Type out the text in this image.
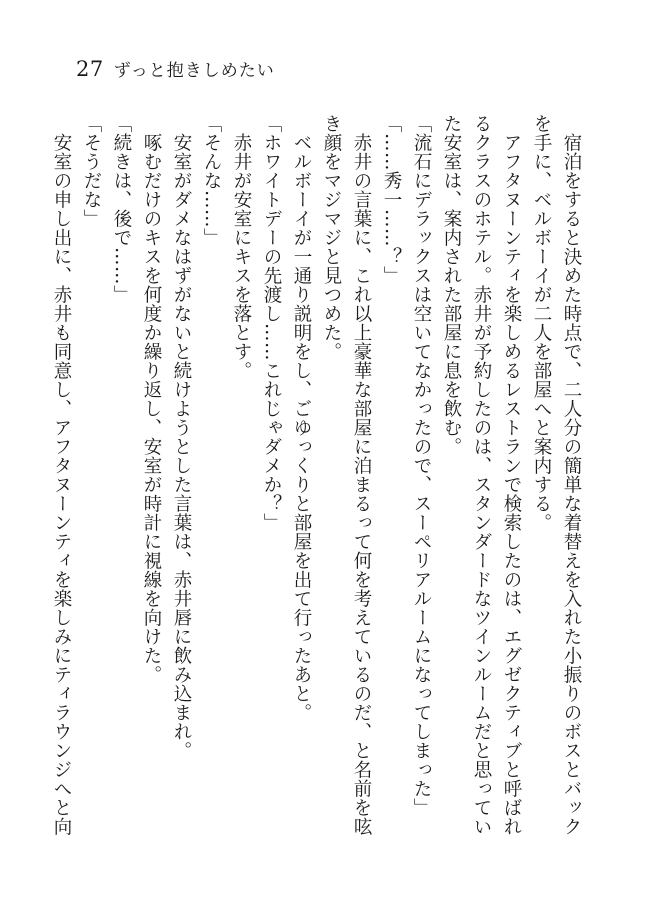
27 ずっと抱きしめたい

　宿泊をすると決めた時点で、二人分の簡単な着替えを入れた小振りのボスとバック

を手に、ベルボーイが二人を部屋へと案内する。

　アフタヌーンティを楽しめるレストランで検索したのは、エグゼクティブと呼ばれ

るクラスのホテル。赤井が予約したのは、スタンダードなツインルームだと思ってい

た安室は、案内された部屋に息を飲む。

「流石にデラックスは空いてなかったので、スーペリアルームになってしまった」

「……秀一……？」

　赤井の言葉に、これ以上豪華な部屋に泊まるって何を考えているのだ、と名前を呟

き顔をマジマジと見つめた。

　ベルボーイが一通り説明をし、ごゆっくりと部屋を出て行ったあと。

「ホワイトデーの先渡し……これじゃダメか？」

　赤井が安室にキスを落とす。

「そんな……」

　安室がダメなはずがないと続けようとした言葉は、赤井唇に飲み込まれ。

　啄むだけのキスを何度か繰り返し、安室が時計に視線を向けた。

「続きは、後で……」

「そうだな」

　安室の申し出に、赤井も同意し、アフタヌーンティを楽しみにティラウンジへと向
